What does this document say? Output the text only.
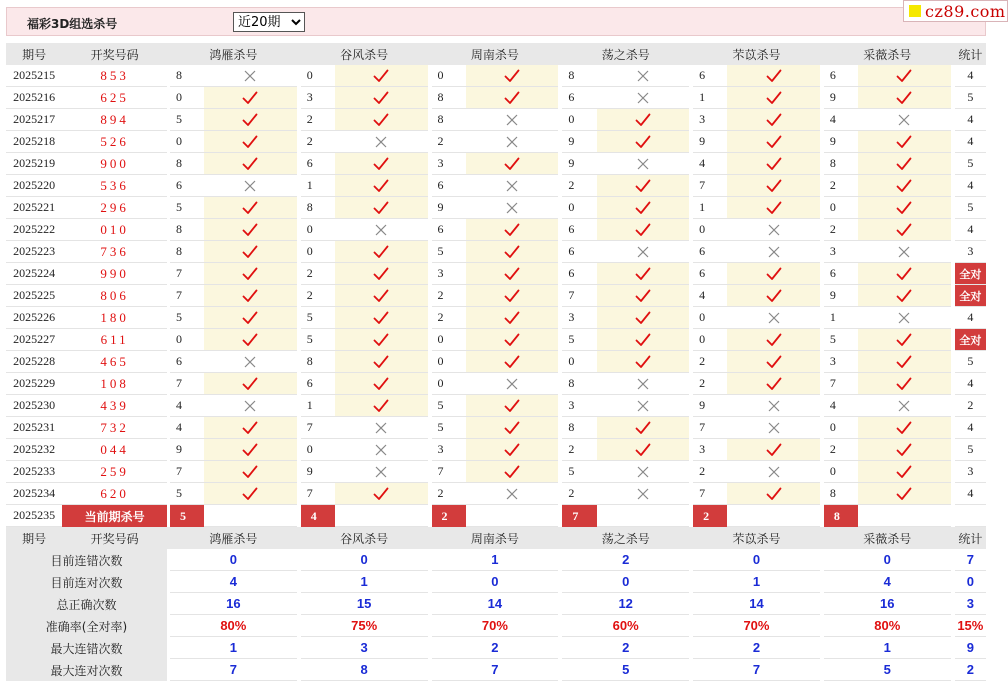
福彩3D组选杀号
近20期
cz89.com
期号	开奖号码		鸿雁杀号			谷风杀号			周南杀号			荡之杀号			芣苡杀号			采薇杀号			统计
2025215	853		8			0			0			8			6			6			4
2025216	625		0			3			8			6			1			9			5
2025217	894		5			2			8			0			3			4			4
2025218	526		0			2			2			9			9			9			4
2025219	900		8			6			3			9			4			8			5
2025220	536		6			1			6			2			7			2			4
2025221	296		5			8			9			0			1			0			5
2025222	010		8			0			6			6			0			2			4
2025223	736		8			0			5			6			6			3			3
2025224	990		7			2			3			6			6			6			全对
2025225	806		7			2			2			7			4			9			全对
2025226	180		5			5			2			3			0			1			4
2025227	611		0			5			0			5			0			5			全对
2025228	465		6			8			0			0			2			3			5
2025229	108		7			6			0			8			2			7			4
2025230	439		4			1			5			3			9			4			2
2025231	732		4			7			5			8			7			0			4
2025232	044		9			0			3			2			3			2			5
2025233	259		7			9			7			5			2			0			3
2025234	620		5			7			2			2			7			8			4
2025235	当前期杀号		5			4			2			7			2			8			
期号	开奖号码		鸿雁杀号			谷风杀号			周南杀号			荡之杀号			芣苡杀号			采薇杀号			统计
目前连错次数			0			0			1			2			0			0			7
目前连对次数			4			1			0			0			1			4			0
总正确次数			16			15			14			12			14			16			3
准确率(全对率)			80%			75%			70%			60%			70%			80%			15%
最大连错次数			1			3			2			2			2			1			9
最大连对次数			7			8			7			5			7			5			2
